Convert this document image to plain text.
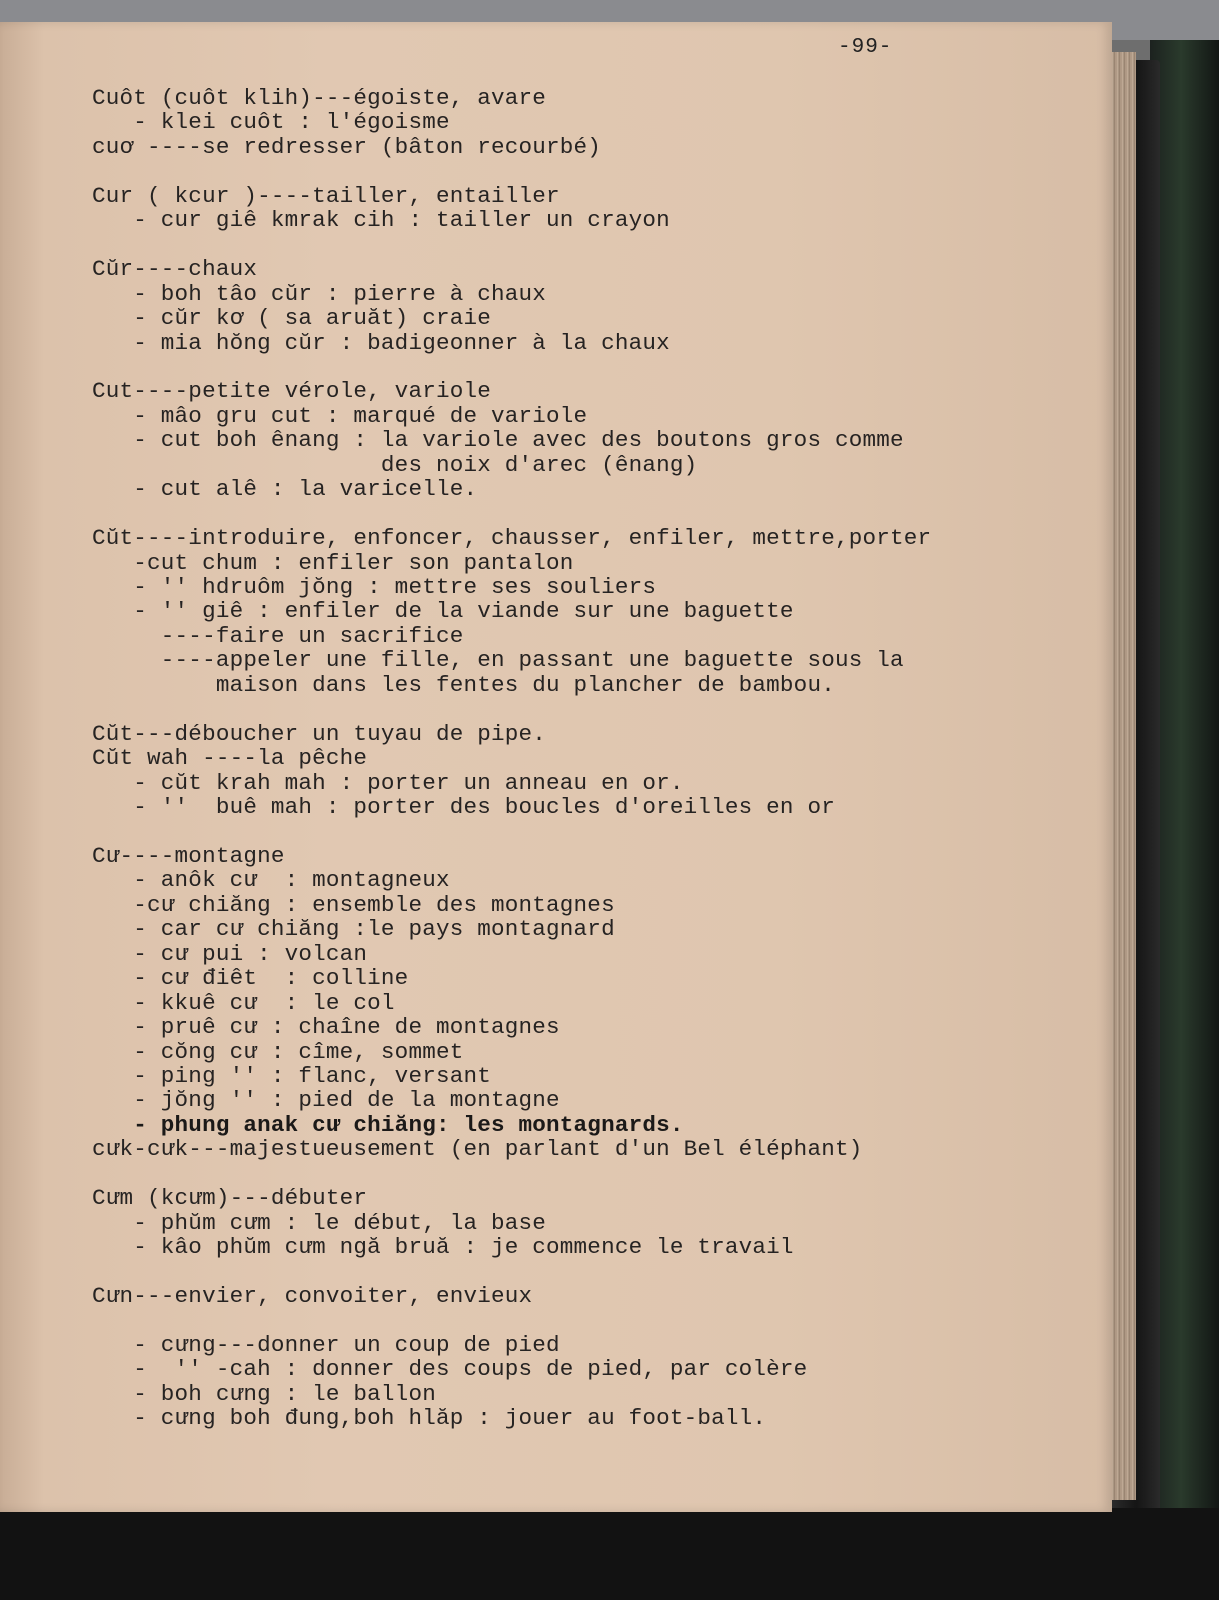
-99-
Cuôt (cuôt klih)---égoiste, avare
- klei cuôt : l'égoisme
cuơ ----se redresser (bâton recourbé)
Cur ( kcur )----tailler, entailler
- cur giê kmrak cih : tailler un crayon
Cŭr----chaux
- boh tâo cŭr : pierre à chaux
- cŭr kơ ( sa aruăt) craie
- mia hŏng cŭr : badigeonner à la chaux
Cut----petite vérole, variole
- mâo gru cut : marqué de variole
- cut boh ênang : la variole avec des boutons gros comme
des noix d'arec (ênang)
- cut alê : la varicelle.
Cŭt----introduire, enfoncer, chausser, enfiler, mettre,porter
-cut chum : enfiler son pantalon
- '' hdruôm jŏng : mettre ses souliers
- '' giê : enfiler de la viande sur une baguette
----faire un sacrifice
----appeler une fille, en passant une baguette sous la
maison dans les fentes du plancher de bambou.
Cŭt---déboucher un tuyau de pipe.
Cŭt wah ----la pêche
- cŭt krah mah : porter un anneau en or.
- ''  buê mah : porter des boucles d'oreilles en or
Cư----montagne
- anôk cư  : montagneux
-cư chiăng : ensemble des montagnes
- car cư chiăng :le pays montagnard
- cư pui : volcan
- cư điêt  : colline
- kkuê cư  : le col
- pruê cư : chaîne de montagnes
- cŏng cư : cîme, sommet
- ping '' : flanc, versant
- jŏng '' : pied de la montagne
- phung anak cư chiăng: les montagnards.
cưk-cưk---majestueusement (en parlant d'un Bel éléphant)
Cưm (kcưm)---débuter
- phŭm cưm : le début, la base
- kâo phŭm cưm ngă bruă : je commence le travail
Cưn---envier, convoiter, envieux
- cưng---donner un coup de pied
-  '' -cah : donner des coups de pied, par colère
- boh cưng : le ballon
- cưng boh đung,boh hlăp : jouer au foot-ball.
